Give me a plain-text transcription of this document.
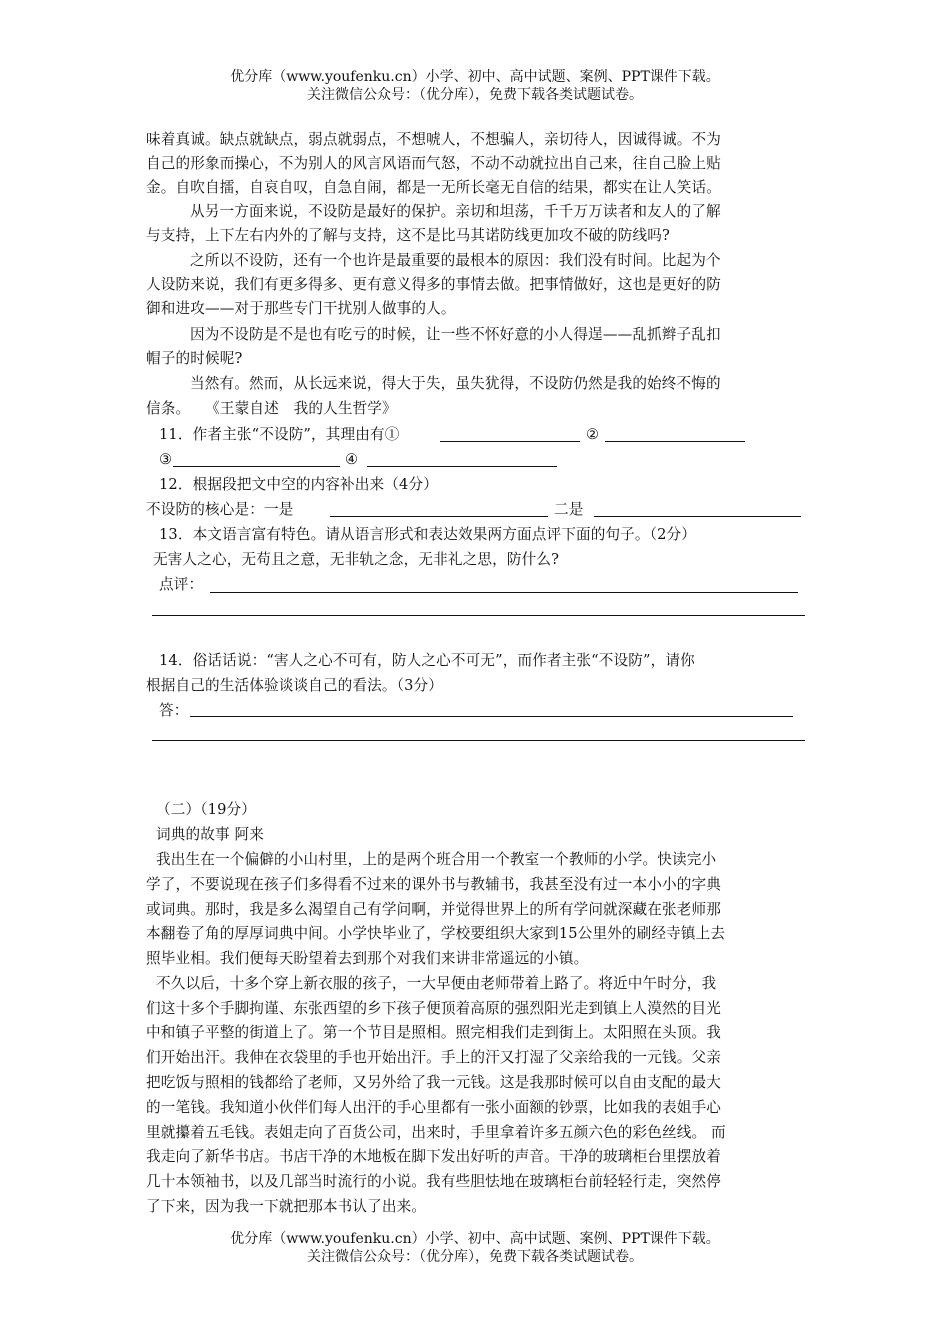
优分库（www.youfenku.cn）小学、初中、高中试题、案例、PPT课件下载。
关注微信公众号：（优分库），免费下载各类试题试卷。
味着真诚。缺点就缺点，弱点就弱点，不想唬人，不想骗人，亲切待人，因诚得诚。不为
自己的形象而操心，不为别人的风言风语而气怒，不动不动就拉出自己来，往自己脸上贴
金。自吹自擂，自哀自叹，自急自闹，都是一无所长毫无自信的结果，都实在让人笑话。
从另一方面来说，不设防是最好的保护。亲切和坦荡，千千万万读者和友人的了解
与支持，上下左右内外的了解与支持，这不是比马其诺防线更加攻不破的防线吗?
之所以不设防，还有一个也许是最重要的最根本的原因：我们没有时间。比起为个
人设防来说，我们有更多得多、更有意义得多的事情去做。把事情做好，这也是更好的防
御和进攻——对于那些专门干扰别人做事的人。
因为不设防是不是也有吃亏的时候，让一些不怀好意的小人得逞——乱抓辫子乱扣
帽子的时候呢?
当然有。然而，从长远来说，得大于失，虽失犹得，不设防仍然是我的始终不悔的
信条。　　《王蒙自述　我的人生哲学》
11．作者主张“不设防”，其理由有①	②
③	④
12．根据段把文中空的内容补出来（4分）
不设防的核心是：一是	二是
13．本文语言富有特色。请从语言形式和表达效果两方面点评下面的句子。（2分）
无害人之心，无苟且之意，无非轨之念，无非礼之思，防什么?
点评：
14．俗话话说：“害人之心不可有，防人之心不可无”，而作者主张“不设防”，请你
根据自己的生活体验谈谈自己的看法。（3分）
答：
（二）（19分）
词典的故事 阿来
我出生在一个偏僻的小山村里，上的是两个班合用一个教室一个教师的小学。快读完小
学了，不要说现在孩子们多得看不过来的课外书与教辅书，我甚至没有过一本小小的字典
或词典。那时，我是多么渴望自己有学问啊，并觉得世界上的所有学问就深藏在张老师那
本翻卷了角的厚厚词典中间。小学快毕业了，学校要组织大家到15公里外的刷经寺镇上去
照毕业相。我们便每天盼望着去到那个对我们来讲非常遥远的小镇。
不久以后，十多个穿上新衣服的孩子，一大早便由老师带着上路了。将近中午时分，我
们这十多个手脚拘谨、东张西望的乡下孩子便顶着高原的强烈阳光走到镇上人漠然的目光
中和镇子平整的街道上了。第一个节目是照相。照完相我们走到街上。太阳照在头顶。我
们开始出汗。我伸在衣袋里的手也开始出汗。手上的汗又打湿了父亲给我的一元钱。父亲
把吃饭与照相的钱都给了老师，又另外给了我一元钱。这是我那时候可以自由支配的最大
的一笔钱。我知道小伙伴们每人出汗的手心里都有一张小面额的钞票，比如我的表姐手心
里就攥着五毛钱。表姐走向了百货公司，出来时，手里拿着许多五颜六色的彩色丝线。 而
我走向了新华书店。书店干净的木地板在脚下发出好听的声音。干净的玻璃柜台里摆放着
几十本领袖书，以及几部当时流行的小说。我有些胆怯地在玻璃柜台前轻轻行走，突然停
了下来，因为我一下就把那本书认了出来。
优分库（www.youfenku.cn）小学、初中、高中试题、案例、PPT课件下载。
关注微信公众号：（优分库），免费下载各类试题试卷。
